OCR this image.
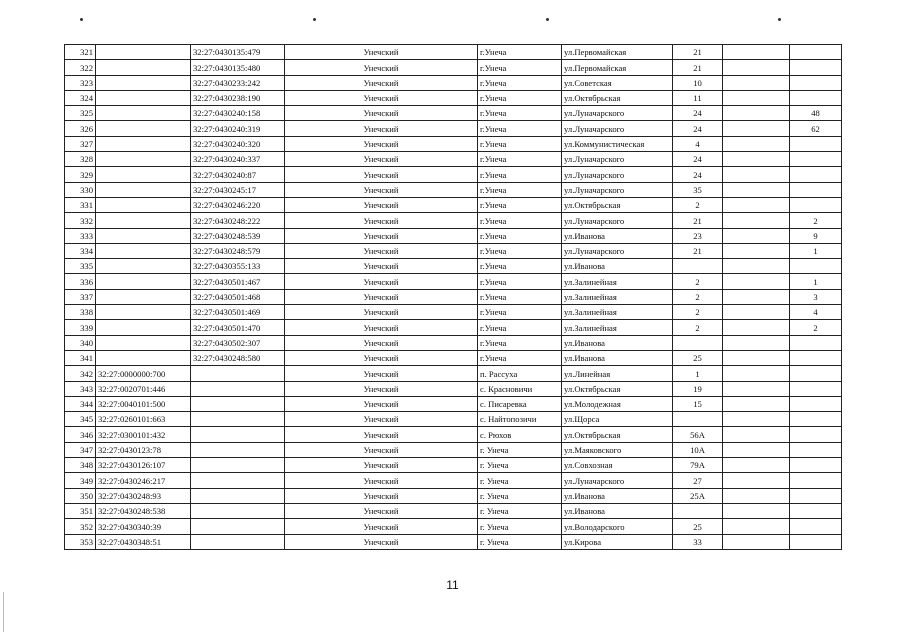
321		32:27:0430135:479	Унечский	г.Унеча	ул.Первомайская	21		
322		32:27:0430135:480	Унечский	г.Унеча	ул.Первомайская	21		
323		32:27:0430233:242	Унечский	г.Унеча	ул.Советская	10		
324		32:27:0430238:190	Унечский	г.Унеча	ул.Октябрьская	11		
325		32:27:0430240:158	Унечский	г.Унеча	ул.Луначарского	24		48
326		32:27:0430240:319	Унечский	г.Унеча	ул.Луначарского	24		62
327		32:27:0430240:320	Унечский	г.Унеча	ул.Коммунистическая	4		
328		32:27:0430240:337	Унечский	г.Унеча	ул.Луначарского	24		
329		32:27:0430240:87	Унечский	г.Унеча	ул.Луначарского	24		
330		32:27:0430245:17	Унечский	г.Унеча	ул.Луначарского	35		
331		32:27:0430246:220	Унечский	г.Унеча	ул.Октябрьская	2		
332		32:27:0430248:222	Унечский	г.Унеча	ул.Луначарского	21		2
333		32:27:0430248:539	Унечский	г.Унеча	ул.Иванова	23		9
334		32:27:0430248:579	Унечский	г.Унеча	ул.Луначарского	21		1
335		32:27:0430355:133	Унечский	г.Унеча	ул.Иванова			
336		32:27:0430501:467	Унечский	г.Унеча	ул.Залинейная	2		1
337		32:27:0430501:468	Унечский	г.Унеча	ул.Залинейная	2		3
338		32:27:0430501:469	Унечский	г.Унеча	ул.Залинейная	2		4
339		32:27:0430501:470	Унечский	г.Унеча	ул.Залинейная	2		2
340		32:27:0430502:307	Унечский	г.Унеча	ул.Иванова			
341		32:27:0430248:580	Унечский	г.Унеча	ул.Иванова	25		
342	32:27:0000000:700		Унечский	п. Рассуха	ул.Линейная	1		
343	32:27:0020701:446		Унечский	с. Красновичи	ул.Октябрьская	19		
344	32:27:0040101:500		Унечский	с. Писаревка	ул.Молодежная	15		
345	32:27:0260101:663		Унечский	с. Найтопозичи	ул.Щорса			
346	32:27:0300101:432		Унечский	с. Рюхов	ул.Октябрьская	56А		
347	32:27:0430123:78		Унечский	г. Унеча	ул.Маяковского	10А		
348	32:27:0430126:107		Унечский	г. Унеча	ул.Совхозная	79А		
349	32:27:0430246:217		Унечский	г. Унеча	ул.Луначарского	27		
350	32:27:0430248:93		Унечский	г. Унеча	ул.Иванова	25А		
351	32:27:0430248:538		Унечский	г. Унеча	ул.Иванова			
352	32:27:0430340:39		Унечский	г. Унеча	ул.Володарского	25		
353	32:27:0430348:51		Унечский	г. Унеча	ул.Кирова	33		
11
